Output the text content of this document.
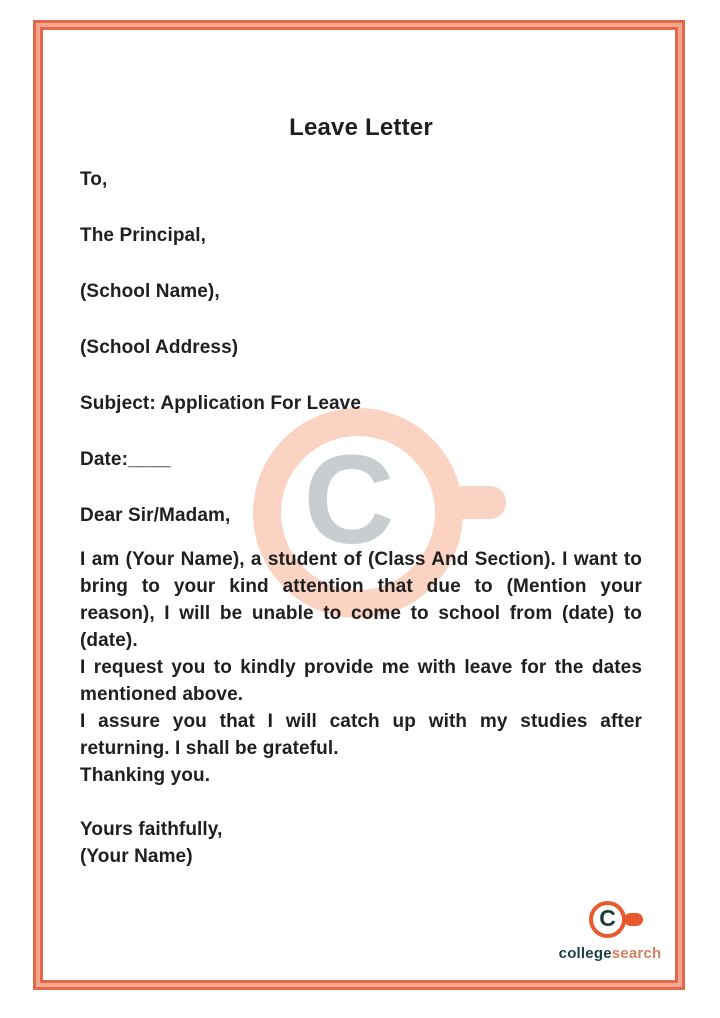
C
Leave Letter

To,

The Principal,

(School Name),

(School Address)

Subject: Application For Leave

Date:____

Dear Sir/Madam,

I am (Your Name), a student of (Class And Section). I want to bring to your kind attention that due to (Mention your reason), I will be unable to come to school from (date) to (date).

I request you to kindly provide me with leave for the dates mentioned above.

I assure you that I will catch up with my studies after returning. I shall be grateful.

Thanking you.

Yours faithfully,

(Your Name)

C
collegesearch
